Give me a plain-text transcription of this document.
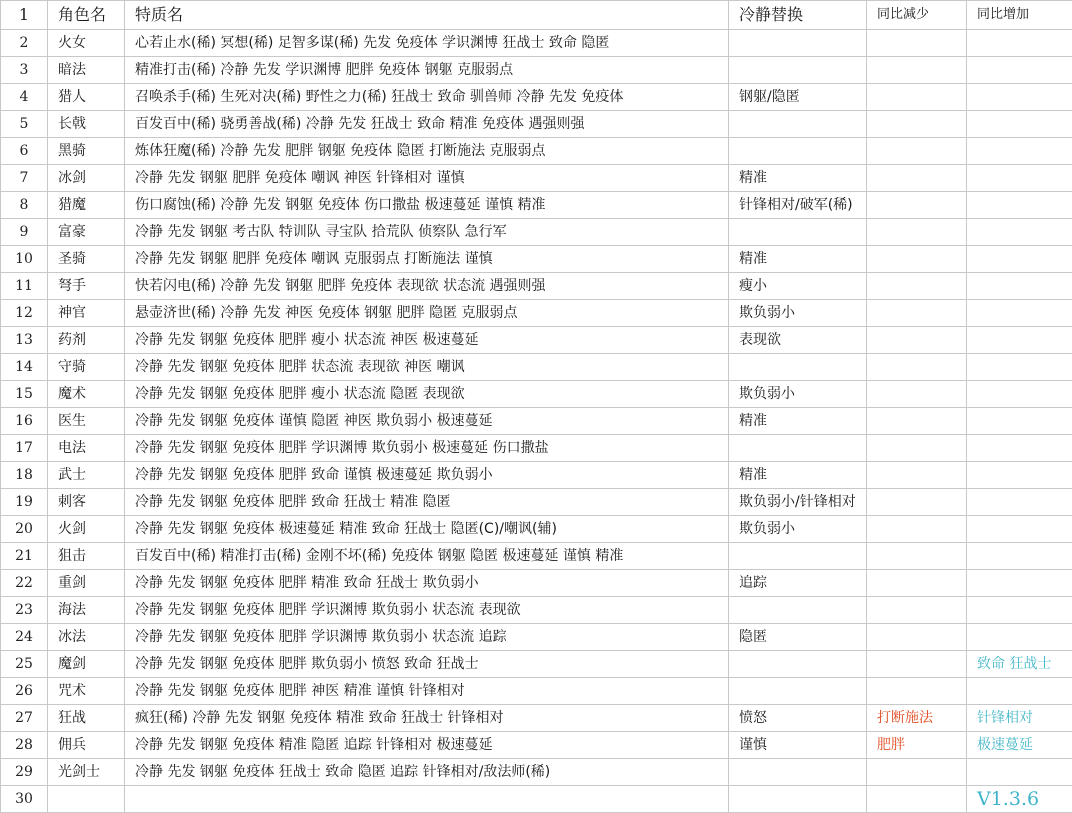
1	角色名	特质名	冷静替换	同比减少	同比增加
2	火女	心若止水(稀) 冥想(稀) 足智多谋(稀) 先发 免疫体 学识渊博 狂战士 致命 隐匿			
3	暗法	精准打击(稀) 冷静 先发 学识渊博 肥胖 免疫体 钢躯 克服弱点			
4	猎人	召唤杀手(稀) 生死对决(稀) 野性之力(稀) 狂战士 致命 驯兽师 冷静 先发 免疫体	钢躯/隐匿		
5	长戟	百发百中(稀) 骁勇善战(稀) 冷静 先发 狂战士 致命 精准 免疫体 遇强则强			
6	黑骑	炼体狂魔(稀) 冷静 先发 肥胖 钢躯 免疫体 隐匿 打断施法 克服弱点			
7	冰剑	冷静 先发 钢躯 肥胖 免疫体 嘲讽 神医 针锋相对 谨慎	精准		
8	猎魔	伤口腐蚀(稀) 冷静 先发 钢躯 免疫体 伤口撒盐 极速蔓延 谨慎 精准	针锋相对/破军(稀)		
9	富豪	冷静 先发 钢躯 考古队 特训队 寻宝队 拾荒队 侦察队 急行军			
10	圣骑	冷静 先发 钢躯 肥胖 免疫体 嘲讽 克服弱点 打断施法 谨慎	精准		
11	弩手	快若闪电(稀) 冷静 先发 钢躯 肥胖 免疫体 表现欲 状态流 遇强则强	瘦小		
12	神官	悬壶济世(稀) 冷静 先发 神医 免疫体 钢躯 肥胖 隐匿 克服弱点	欺负弱小		
13	药剂	冷静 先发 钢躯 免疫体 肥胖 瘦小 状态流 神医 极速蔓延	表现欲		
14	守骑	冷静 先发 钢躯 免疫体 肥胖 状态流 表现欲 神医 嘲讽			
15	魔术	冷静 先发 钢躯 免疫体 肥胖 瘦小 状态流 隐匿 表现欲	欺负弱小		
16	医生	冷静 先发 钢躯 免疫体 谨慎 隐匿 神医 欺负弱小 极速蔓延	精准		
17	电法	冷静 先发 钢躯 免疫体 肥胖 学识渊博 欺负弱小 极速蔓延 伤口撒盐			
18	武士	冷静 先发 钢躯 免疫体 肥胖 致命 谨慎 极速蔓延 欺负弱小	精准		
19	刺客	冷静 先发 钢躯 免疫体 肥胖 致命 狂战士 精准 隐匿	欺负弱小/针锋相对		
20	火剑	冷静 先发 钢躯 免疫体 极速蔓延 精准 致命 狂战士 隐匿(C)/嘲讽(辅)	欺负弱小		
21	狙击	百发百中(稀) 精准打击(稀) 金刚不坏(稀) 免疫体 钢躯 隐匿 极速蔓延 谨慎 精准			
22	重剑	冷静 先发 钢躯 免疫体 肥胖 精准 致命 狂战士 欺负弱小	追踪		
23	海法	冷静 先发 钢躯 免疫体 肥胖 学识渊博 欺负弱小 状态流 表现欲			
24	冰法	冷静 先发 钢躯 免疫体 肥胖 学识渊博 欺负弱小 状态流 追踪	隐匿		
25	魔剑	冷静 先发 钢躯 免疫体 肥胖 欺负弱小 愤怒 致命 狂战士			致命 狂战士
26	咒术	冷静 先发 钢躯 免疫体 肥胖 神医 精准 谨慎 针锋相对			
27	狂战	疯狂(稀) 冷静 先发 钢躯 免疫体 精准 致命 狂战士 针锋相对	愤怒	打断施法	针锋相对
28	佣兵	冷静 先发 钢躯 免疫体 精准 隐匿 追踪 针锋相对 极速蔓延	谨慎	肥胖	极速蔓延
29	光剑士	冷静 先发 钢躯 免疫体 狂战士 致命 隐匿 追踪 针锋相对/敌法师(稀)			
30					V1.3.6
